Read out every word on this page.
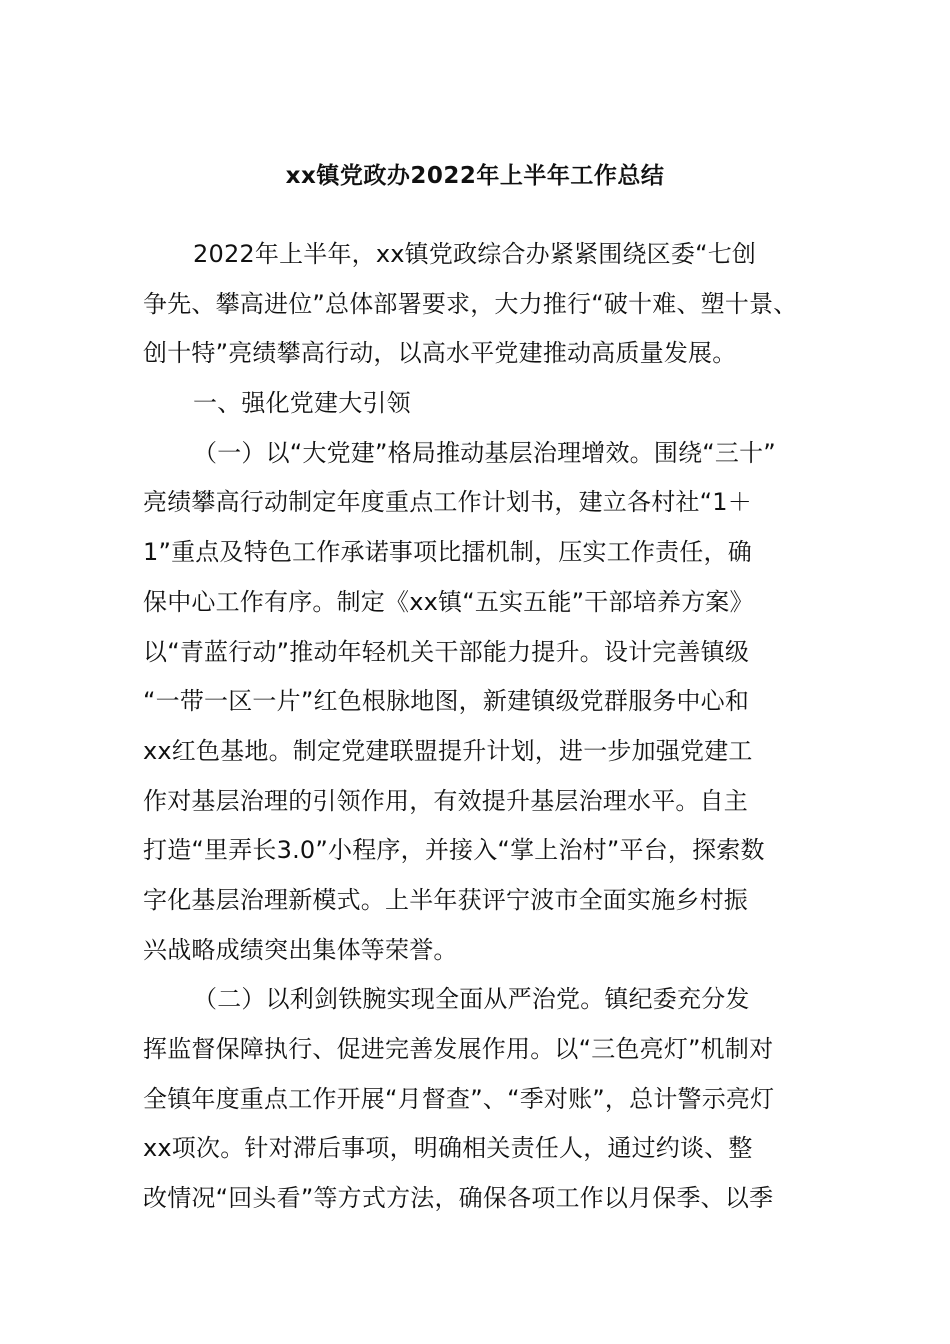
xx镇党政办2022年上半年工作总结
2022年上半年，xx镇党政综合办紧紧围绕区委“七创
争先、攀高进位”总体部署要求，大力推行“破十难、塑十景、
创十特”亮绩攀高行动，以高水平党建推动高质量发展。
一、强化党建大引领
（一）以“大党建”格局推动基层治理增效。围绕“三十”
亮绩攀高行动制定年度重点工作计划书，建立各村社“1＋
1”重点及特色工作承诺事项比擂机制，压实工作责任，确
保中心工作有序。制定《xx镇“五实五能”干部培养方案》
以“青蓝行动”推动年轻机关干部能力提升。设计完善镇级
“一带一区一片”红色根脉地图，新建镇级党群服务中心和
xx红色基地。制定党建联盟提升计划，进一步加强党建工
作对基层治理的引领作用，有效提升基层治理水平。自主
打造“里弄长3.0”小程序，并接入“掌上治村”平台，探索数
字化基层治理新模式。上半年获评宁波市全面实施乡村振
兴战略成绩突出集体等荣誉。
（二）以利剑铁腕实现全面从严治党。镇纪委充分发
挥监督保障执行、促进完善发展作用。以“三色亮灯”机制对
全镇年度重点工作开展“月督查”、“季对账”，总计警示亮灯
xx项次。针对滞后事项，明确相关责任人，通过约谈、整
改情况“回头看”等方式方法，确保各项工作以月保季、以季
